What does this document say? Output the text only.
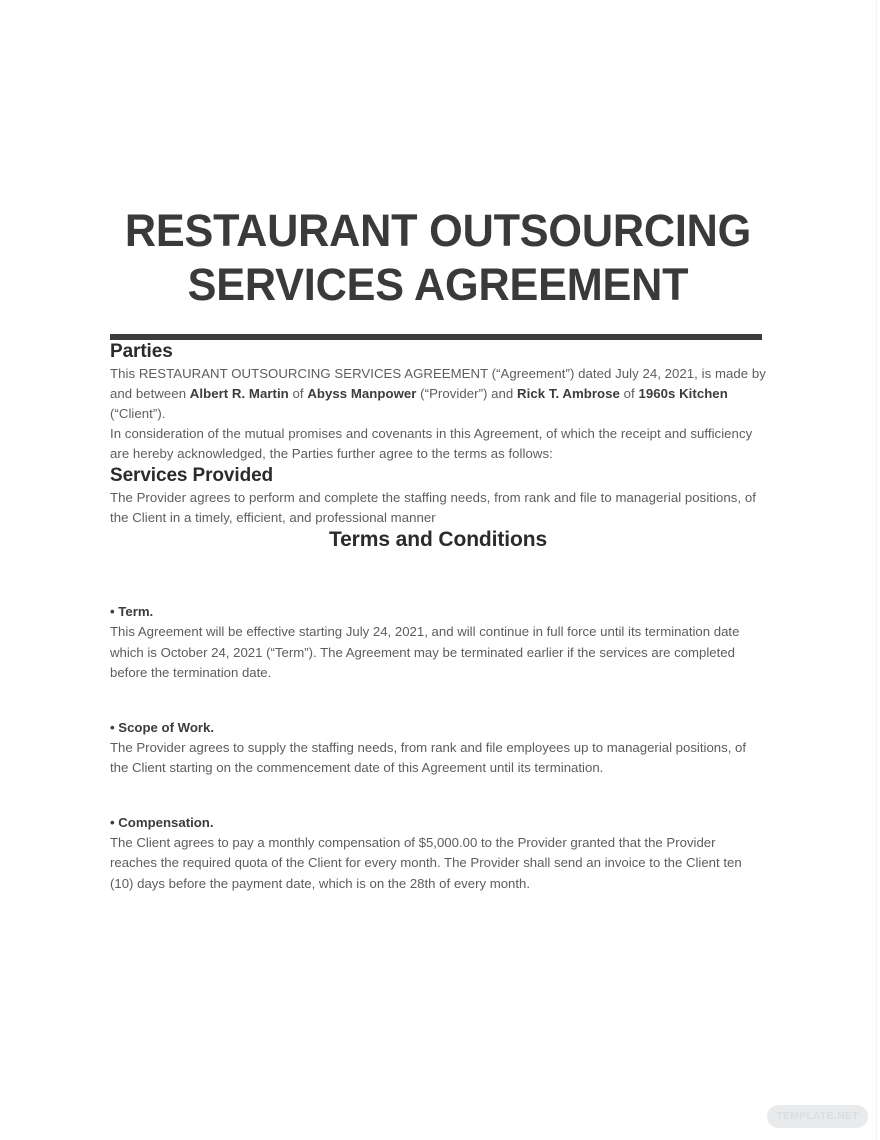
RESTAURANT OUTSOURCING
SERVICES AGREEMENT
Parties

This RESTAURANT OUTSOURCING SERVICES AGREEMENT (“Agreement”) dated July 24, 2021, is made by and between Albert R. Martin of Abyss Manpower (“Provider”) and Rick T. Ambrose of 1960s Kitchen (“Client”).

In consideration of the mutual promises and covenants in this Agreement, of which the receipt and sufficiency are hereby acknowledged, the Parties further agree to the terms as follows:

Services Provided

The Provider agrees to perform and complete the staffing needs, from rank and file to managerial positions, of the Client in a timely, efficient, and professional manner

Terms and Conditions

• Term.

This Agreement will be effective starting July 24, 2021, and will continue in full force until its termination date which is October 24, 2021 (“Term”). The Agreement may be terminated earlier if the services are completed before the termination date.

• Scope of Work.

The Provider agrees to supply the staffing needs, from rank and file employees up to managerial positions, of the Client starting on the commencement date of this Agreement until its termination.

• Compensation.

The Client agrees to pay a monthly compensation of $5,000.00 to the Provider granted that the Provider reaches the required quota of the Client for every month. The Provider shall send an invoice to the Client ten (10) days before the payment date, which is on the 28th of every month.

TEMPLATE.NET
